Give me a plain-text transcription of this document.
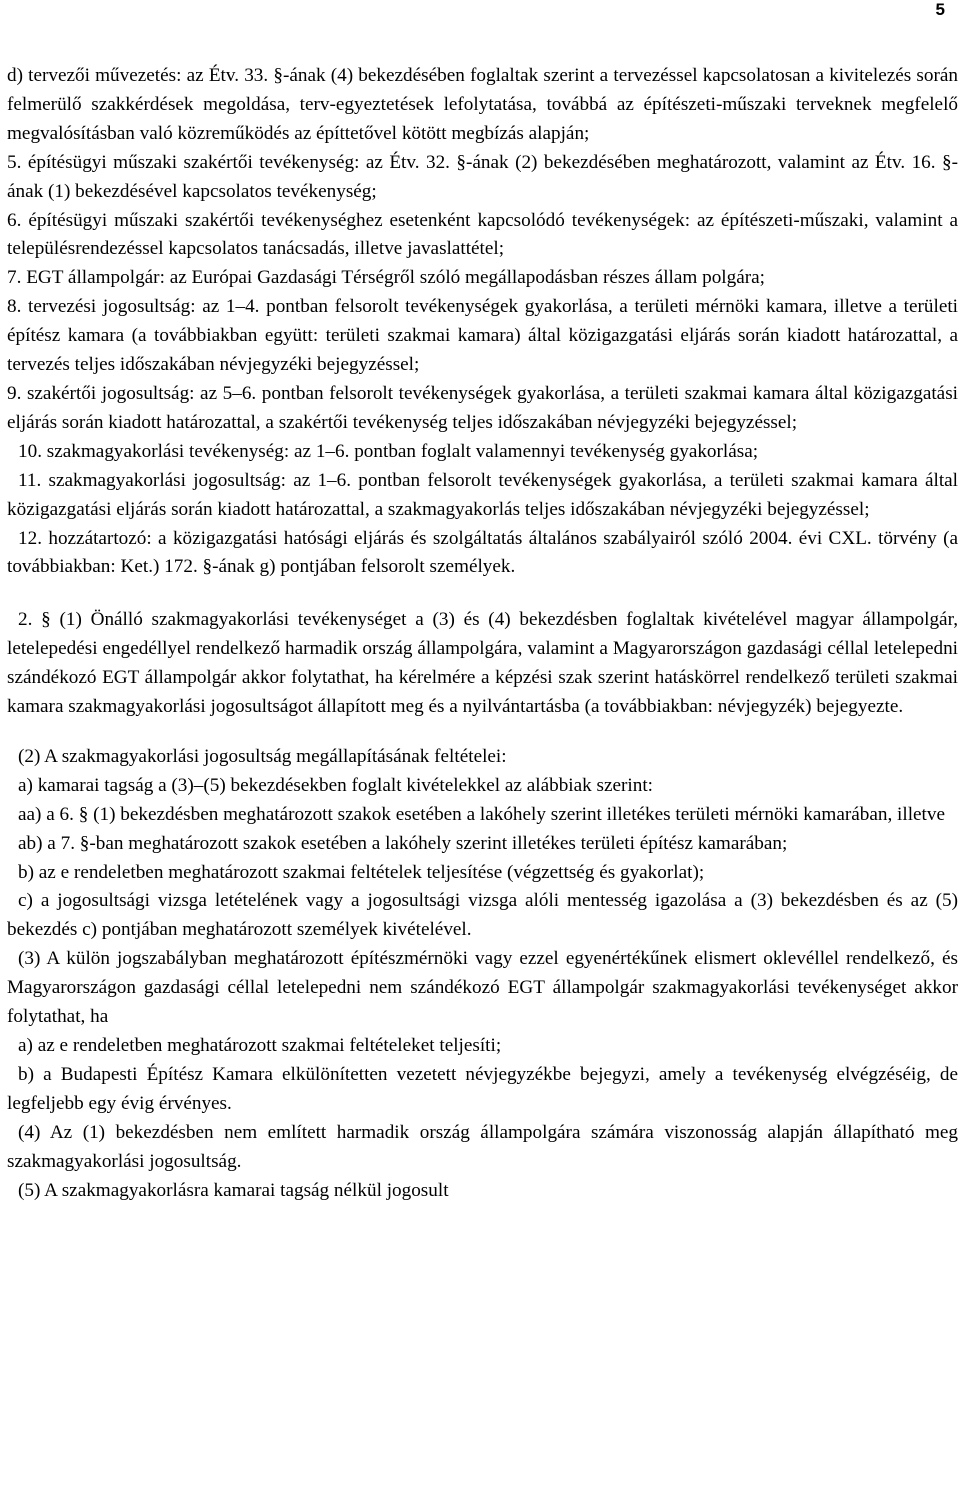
5

d) tervezői művezetés: az Étv. 33. §-ának (4) bekezdésében foglaltak szerint a tervezéssel kapcsolatosan a kivitelezés során felmerülő szakkérdések megoldása, terv-egyeztetések lefolytatása, továbbá az építészeti-műszaki terveknek megfelelő megvalósításban való közreműködés az építtetővel kötött megbízás alapján;

5. építésügyi műszaki szakértői tevékenység: az Étv. 32. §-ának (2) bekezdésében meghatározott, valamint az Étv. 16. §-ának (1) bekezdésével kapcsolatos tevékenység;

6. építésügyi műszaki szakértői tevékenységhez esetenként kapcsolódó tevékenységek: az építészeti-műszaki, valamint a településrendezéssel kapcsolatos tanácsadás, illetve javaslattétel;

7. EGT állampolgár: az Európai Gazdasági Térségről szóló megállapodásban részes állam polgára;

8. tervezési jogosultság: az 1–4. pontban felsorolt tevékenységek gyakorlása, a területi mérnöki kamara, illetve a területi építész kamara (a továbbiakban együtt: területi szakmai kamara) által közigazgatási eljárás során kiadott határozattal, a tervezés teljes időszakában névjegyzéki bejegyzéssel;

9. szakértői jogosultság: az 5–6. pontban felsorolt tevékenységek gyakorlása, a területi szakmai kamara által közigazgatási eljárás során kiadott határozattal, a szakértői tevékenység teljes időszakában névjegyzéki bejegyzéssel;

10. szakmagyakorlási tevékenység: az 1–6. pontban foglalt valamennyi tevékenység gyakorlása;

11. szakmagyakorlási jogosultság: az 1–6. pontban felsorolt tevékenységek gyakorlása, a területi szakmai kamara által közigazgatási eljárás során kiadott határozattal, a szakmagyakorlás teljes időszakában névjegyzéki bejegyzéssel;

12. hozzátartozó: a közigazgatási hatósági eljárás és szolgáltatás általános szabályairól szóló 2004. évi CXL. törvény (a továbbiakban: Ket.) 172. §-ának g) pontjában felsorolt személyek.

2. § (1) Önálló szakmagyakorlási tevékenységet a (3) és (4) bekezdésben foglaltak kivételével magyar állampolgár, letelepedési engedéllyel rendelkező harmadik ország állampolgára, valamint a Magyarországon gazdasági céllal letelepedni szándékozó EGT állampolgár akkor folytathat, ha kérelmére a képzési szak szerint hatáskörrel rendelkező területi szakmai kamara szakmagyakorlási jogosultságot állapított meg és a nyilvántartásba (a továbbiakban: névjegyzék) bejegyezte.

(2) A szakmagyakorlási jogosultság megállapításának feltételei:

a) kamarai tagság a (3)–(5) bekezdésekben foglalt kivételekkel az alábbiak szerint:

aa) a 6. § (1) bekezdésben meghatározott szakok esetében a lakóhely szerint illetékes területi mérnöki kamarában, illetve

ab) a 7. §-ban meghatározott szakok esetében a lakóhely szerint illetékes területi építész kamarában;

b) az e rendeletben meghatározott szakmai feltételek teljesítése (végzettség és gyakorlat);

c) a jogosultsági vizsga letételének vagy a jogosultsági vizsga alóli mentesség igazolása a (3) bekezdésben és az (5) bekezdés c) pontjában meghatározott személyek kivételével.

(3) A külön jogszabályban meghatározott építészmérnöki vagy ezzel egyenértékűnek elismert oklevéllel rendelkező, és Magyarországon gazdasági céllal letelepedni nem szándékozó EGT állampolgár szakmagyakorlási tevékenységet akkor folytathat, ha

a) az e rendeletben meghatározott szakmai feltételeket teljesíti;

b) a Budapesti Építész Kamara elkülönítetten vezetett névjegyzékbe bejegyzi, amely a tevékenység elvégzéséig, de legfeljebb egy évig érvényes.

(4) Az (1) bekezdésben nem említett harmadik ország állampolgára számára viszonosság alapján állapítható meg szakmagyakorlási jogosultság.

(5) A szakmagyakorlásra kamarai tagság nélkül jogosult
